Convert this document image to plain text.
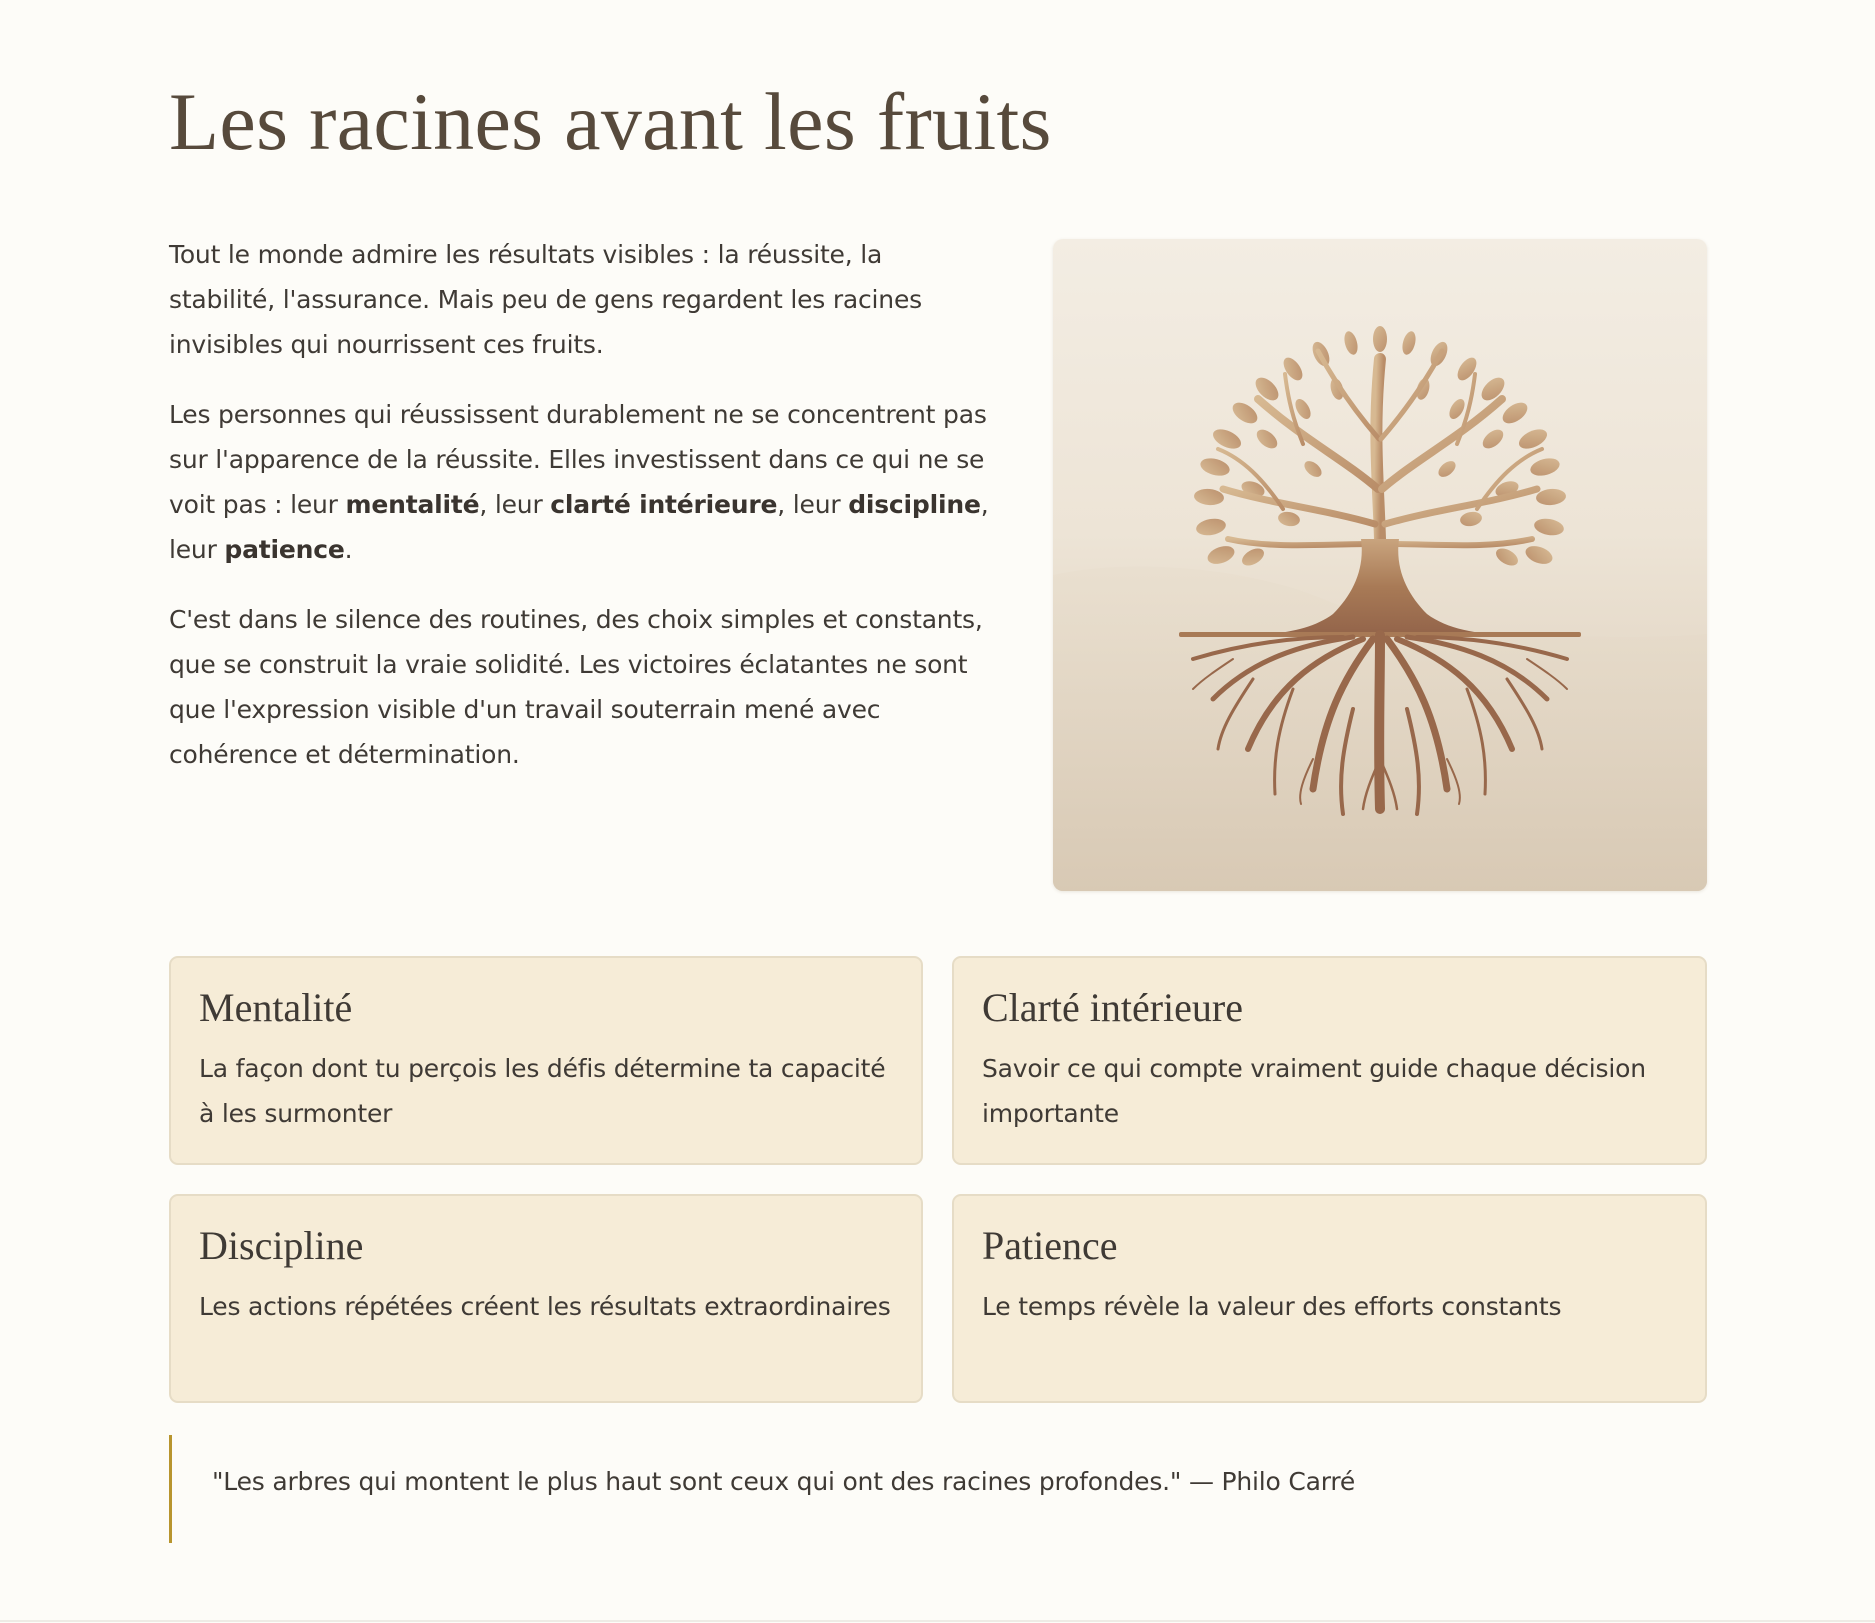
Les racines avant les fruits

Tout le monde admire les résultats visibles : la réussite, la stabilité, l'assurance. Mais peu de gens regardent les racines invisibles qui nourrissent ces fruits.

Les personnes qui réussissent durablement ne se concentrent pas sur l'apparence de la réussite. Elles investissent dans ce qui ne se voit pas : leur mentalité, leur clarté intérieure, leur discipline, leur patience.

C'est dans le silence des routines, des choix simples et constants, que se construit la vraie solidité. Les victoires éclatantes ne sont que l'expression visible d'un travail souterrain mené avec cohérence et détermination.

Mentalité

La façon dont tu perçois les défis détermine ta capacité à les surmonter

Clarté intérieure

Savoir ce qui compte vraiment guide chaque décision importante

Discipline

Les actions répétées créent les résultats extraordinaires

Patience

Le temps révèle la valeur des efforts constants

"Les arbres qui montent le plus haut sont ceux qui ont des racines profondes." — Philo Carré
